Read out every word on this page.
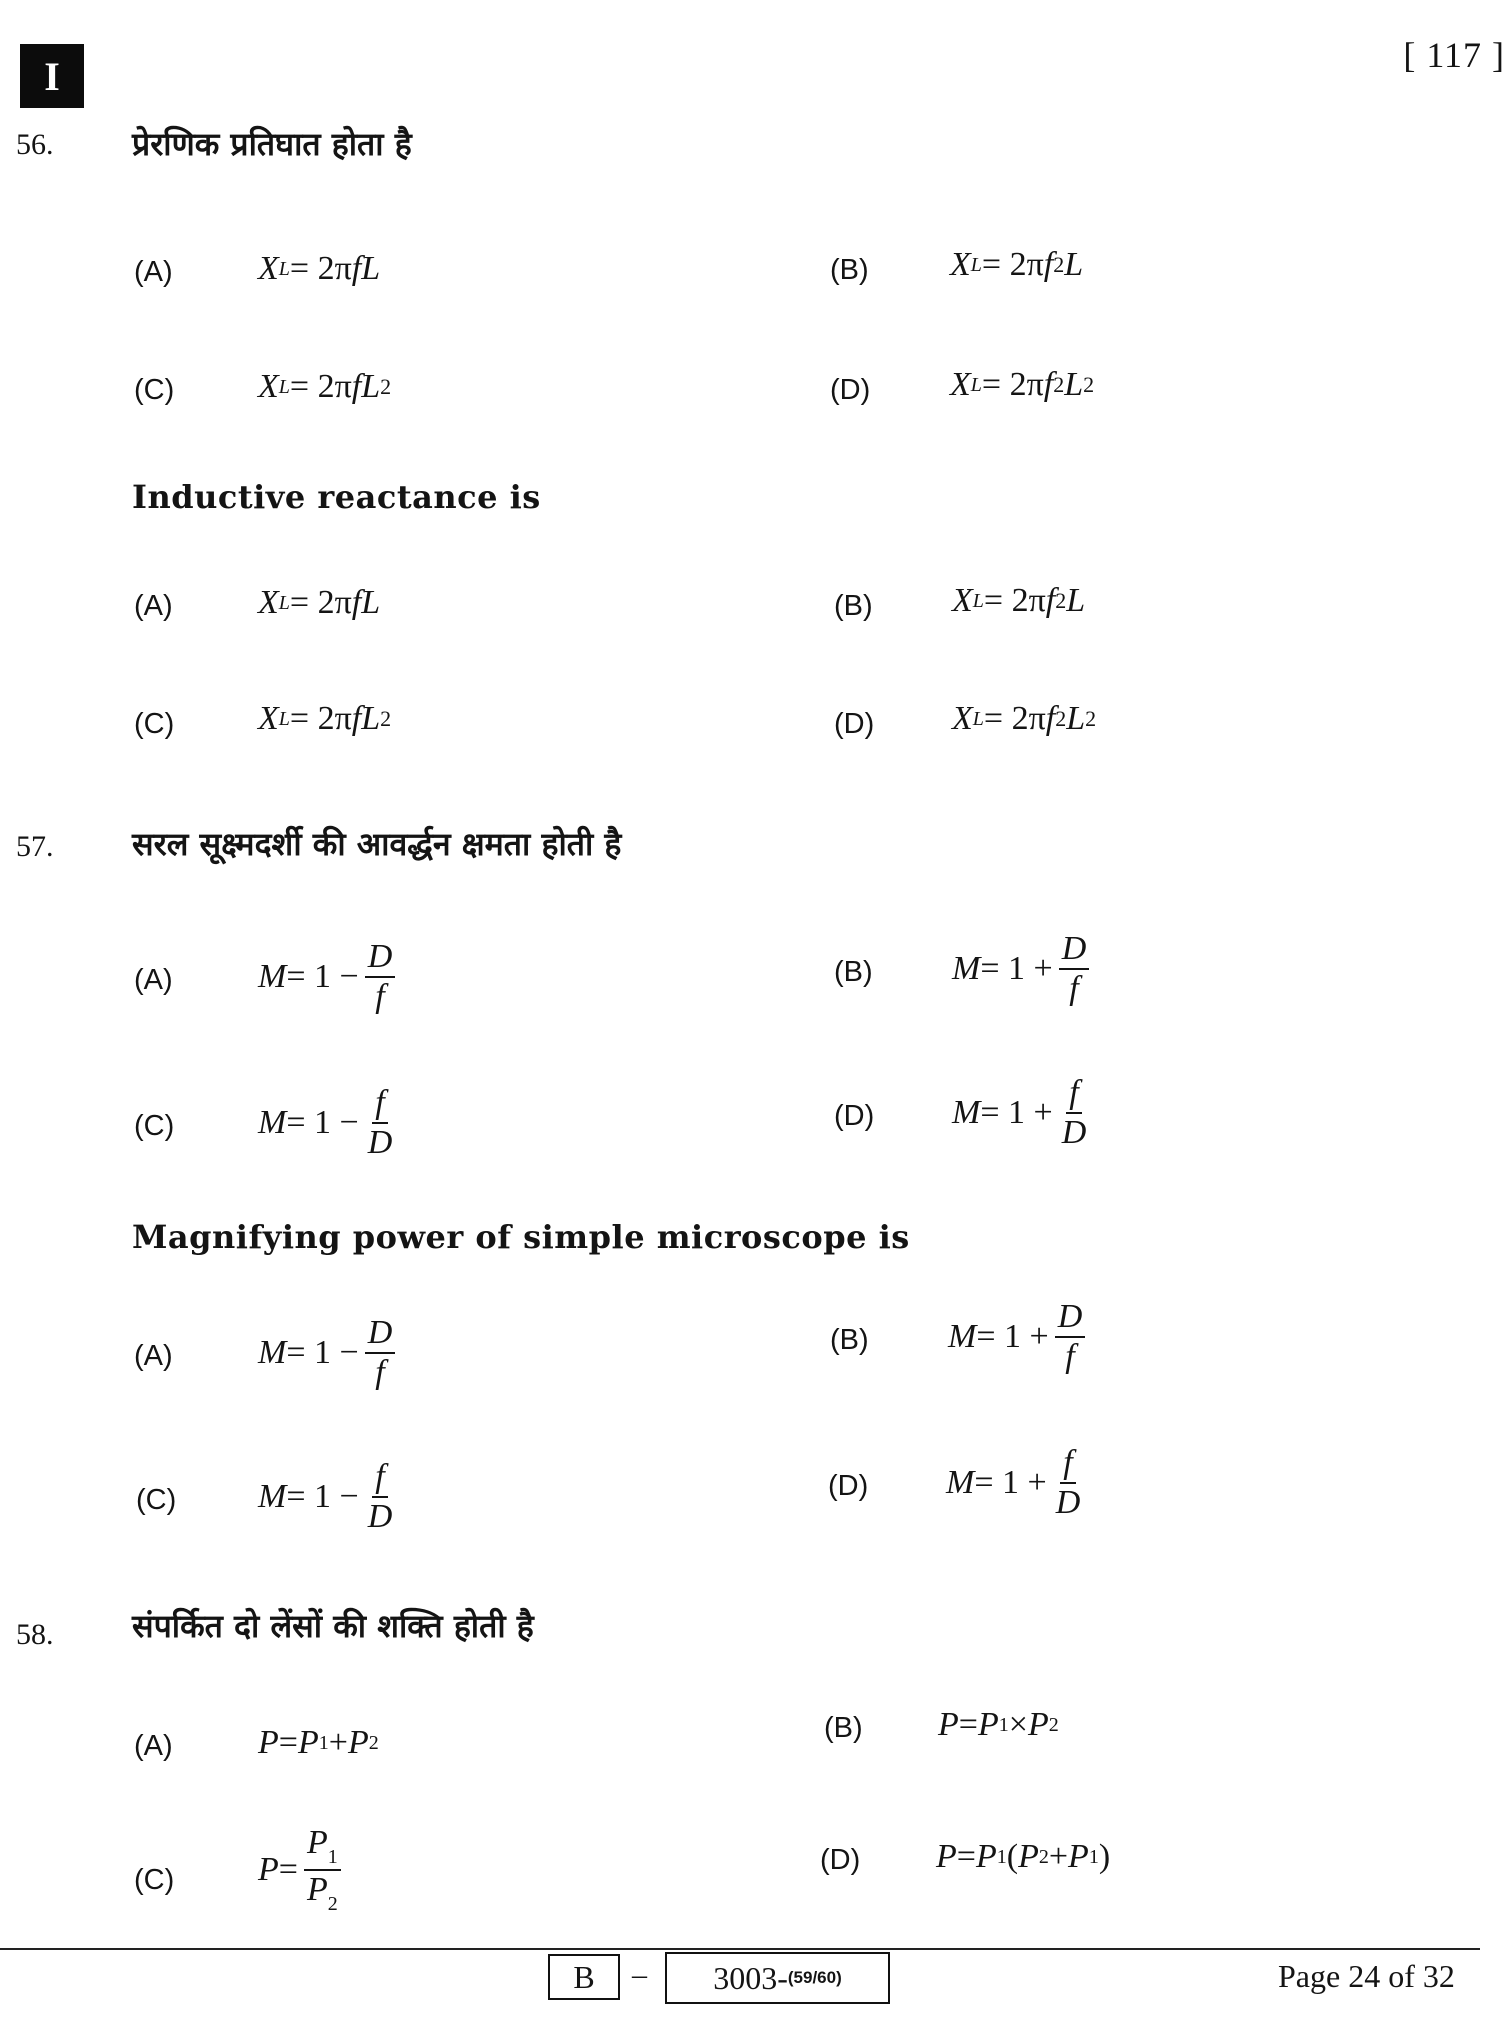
I	[ 117 ]
56. प्रेरणिक प्रतिघात होता है
(A)	X L = 2π f L	(B) X L = 2π f 2 L
(C) X L = 2π f L 2	(D) X L = 2π f 2 L 2
Inductive reactance is
(A)	X L = 2π f L	(B) X L = 2π f 2 L
(C) X L = 2π f L 2	(D) X L = 2π f 2 L 2
57. सरल सूक्ष्मदर्शी की आवर्द्धन क्षमता होती है
(A)	$M = 1 - \frac{D}{f}$	(B) $M = 1 + \frac{D}{f}$
(C) $M = 1 - \frac{f}{D}$	(D) $M = 1 + \frac{f}{D}$
Magnifying power of simple microscope is
(A)	$M = 1 - \frac{D}{f}$	(B) $M = 1 + \frac{D}{f}$
(C) $M = 1 - \frac{f}{D}$	(D) $M = 1 + \frac{f}{D}$
58. संपर्कित दो लेंसों की शक्ति होती है
(A)	P = P 1 + P 2	(B) P = P 1 × P 2
(C) $P = \frac{P_1}{P_2}$	(D) P = P 1 ( P 2 + P 1 )
B – 3003- (59/60)	Page 24 of 32
